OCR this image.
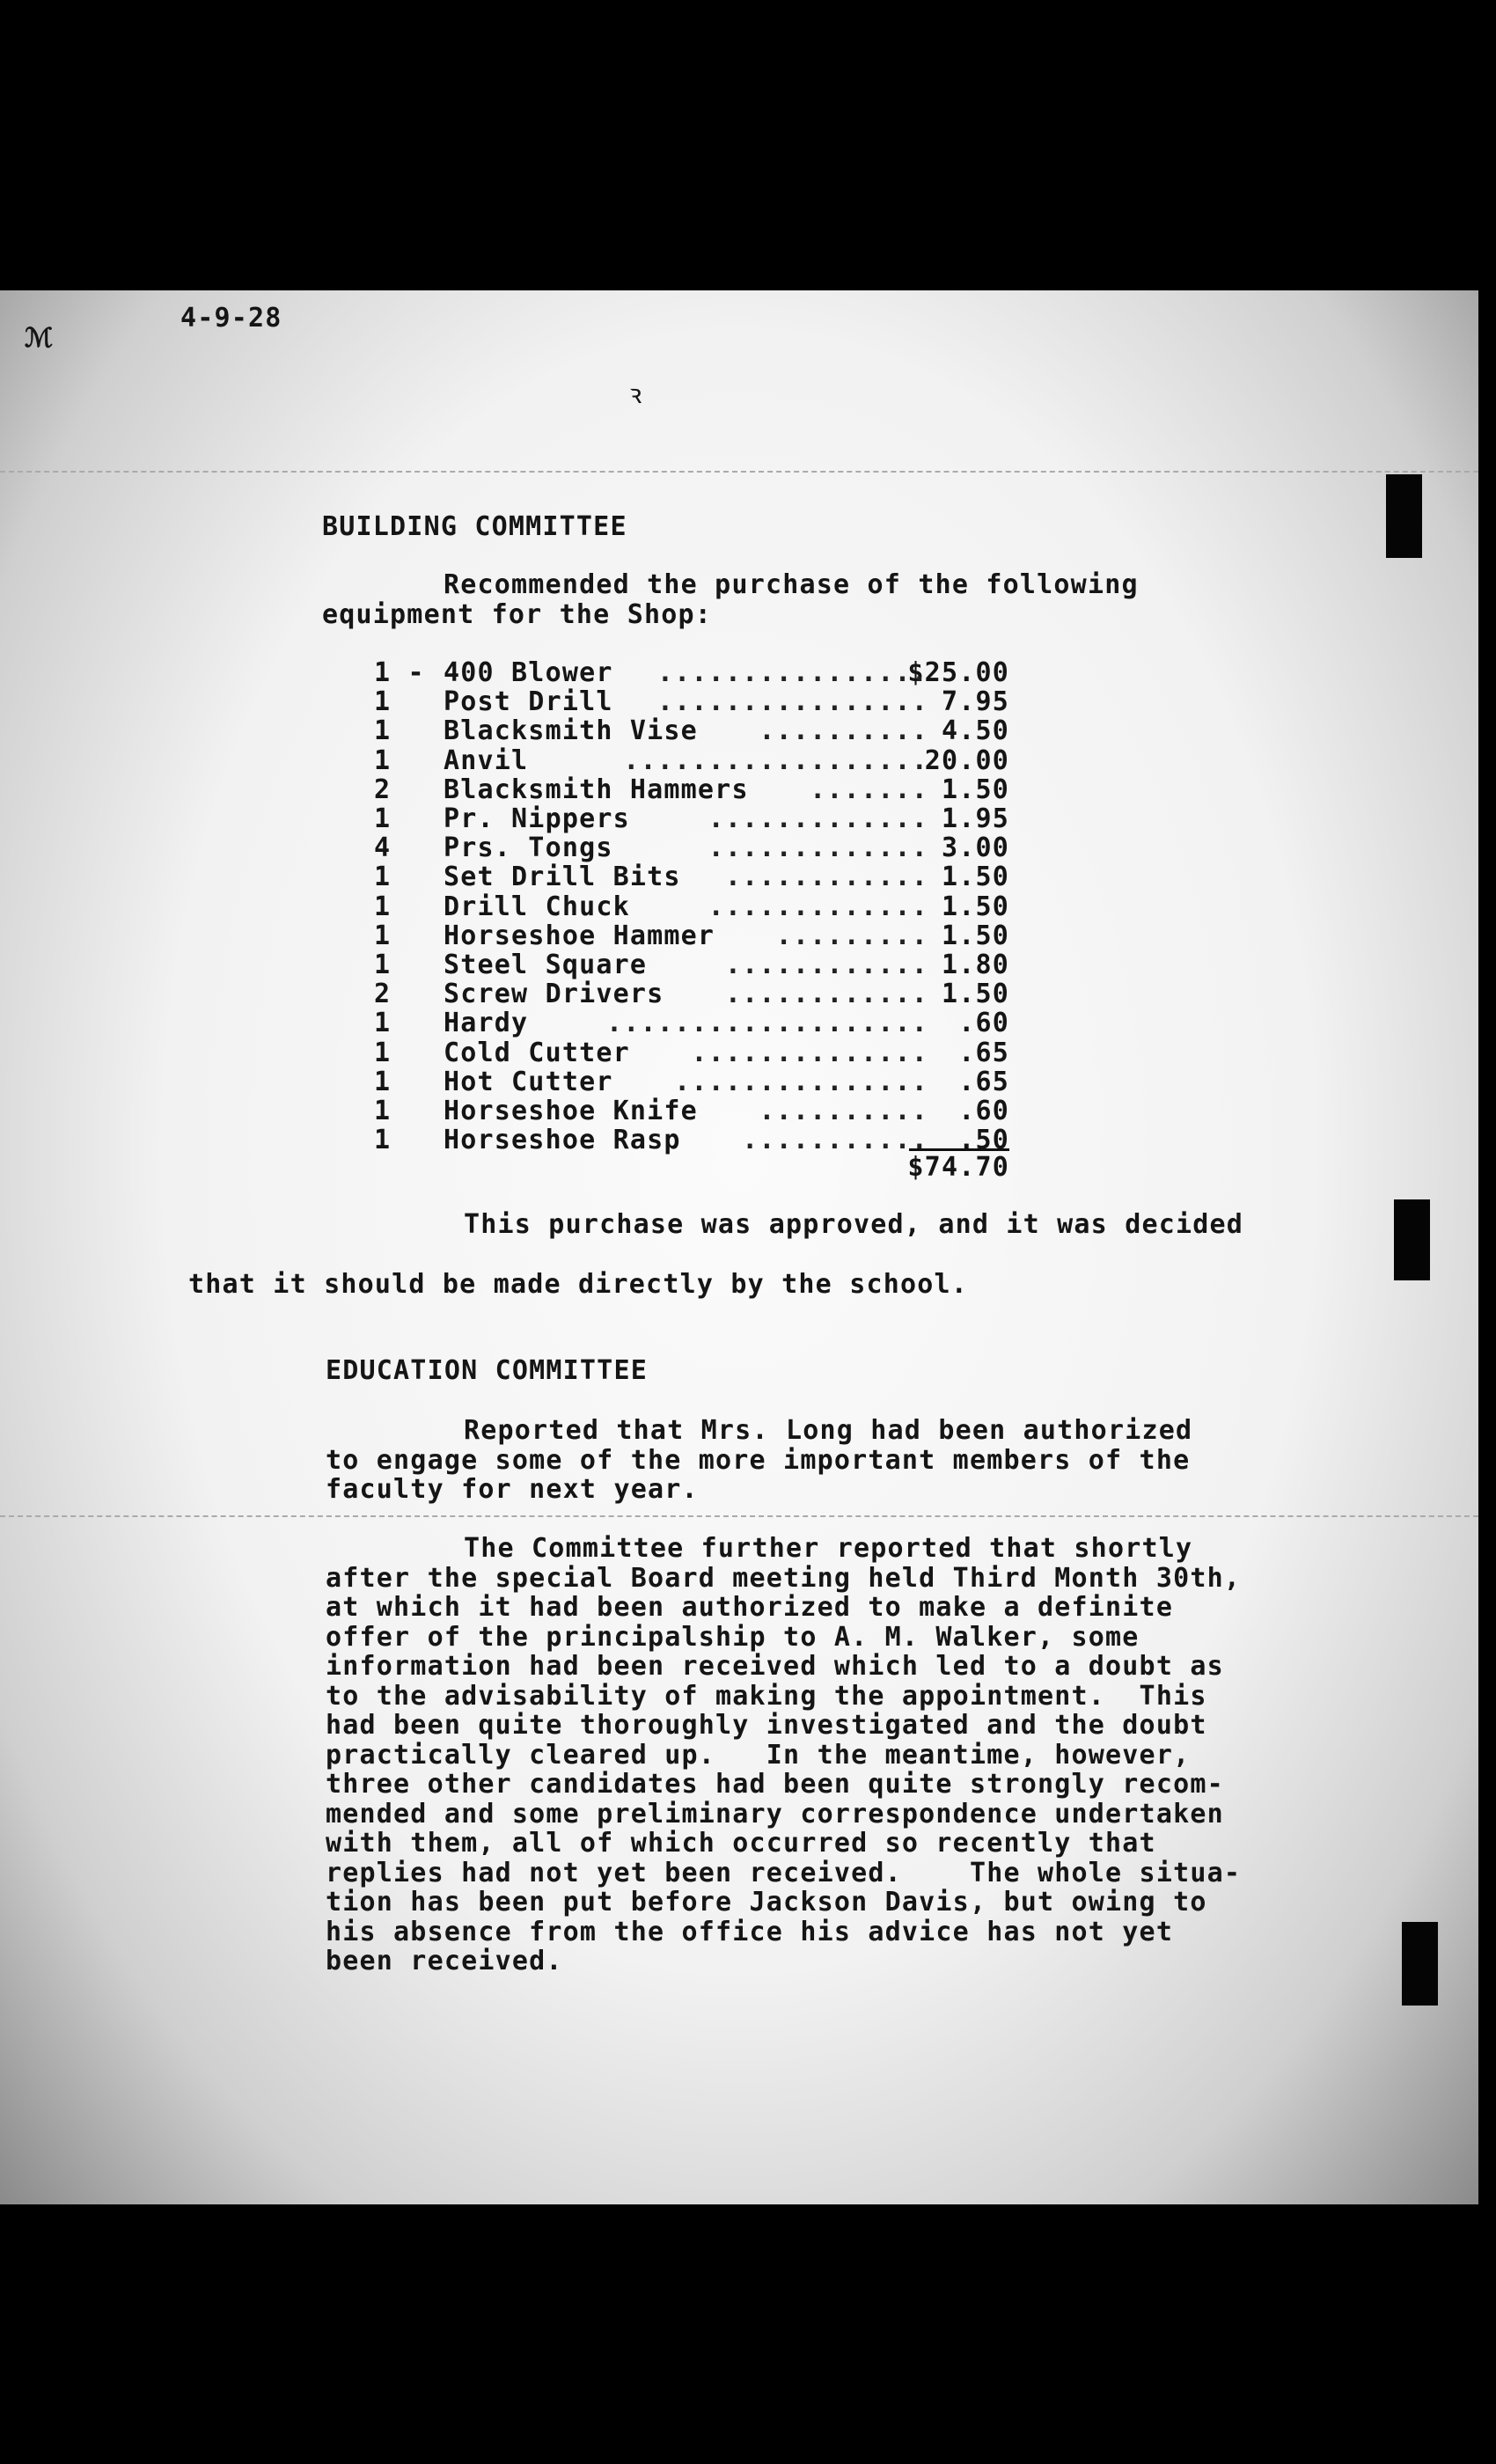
ℳ
4-9-28
ꝛ
BUILDING COMMITTEE
Recommended the purchase of the following
equipment for the Shop:
1 - 400 Blower	$25.00
................
1 Post Drill	7.95
................
1 Blacksmith Vise	4.50
..........
1 Anvil	20.00
..................
2 Blacksmith Hammers	1.50
.......
1 Pr. Nippers	1.95
.............
4 Prs. Tongs	3.00
.............
1 Set Drill Bits	1.50
............
1 Drill Chuck	1.50
.............
1 Horseshoe Hammer	1.50
.........
1 Steel Square	1.80
............
2 Screw Drivers	1.50
............
1 Hardy	.60
...................
1 Cold Cutter	.65
..............
1 Hot Cutter	.65
...............
1 Horseshoe Knife	.60
..........
1 Horseshoe Rasp	.50
...........
$74.70
This purchase was approved, and it was decided
that it should be made directly by the school.
EDUCATION COMMITTEE
Reported that Mrs. Long had been authorized
to engage some of the more important members of the
faculty for next year.
The Committee further reported that shortly
after the special Board meeting held Third Month 30th,
at which it had been authorized to make a definite
offer of the principalship to A. M. Walker, some
information had been received which led to a doubt as
to the advisability of making the appointment.  This
had been quite thoroughly investigated and the doubt
practically cleared up.   In the meantime, however,
three other candidates had been quite strongly recom-
mended and some preliminary correspondence undertaken
with them, all of which occurred so recently that
replies had not yet been received.    The whole situa-
tion has been put before Jackson Davis, but owing to
his absence from the office his advice has not yet
been received.
